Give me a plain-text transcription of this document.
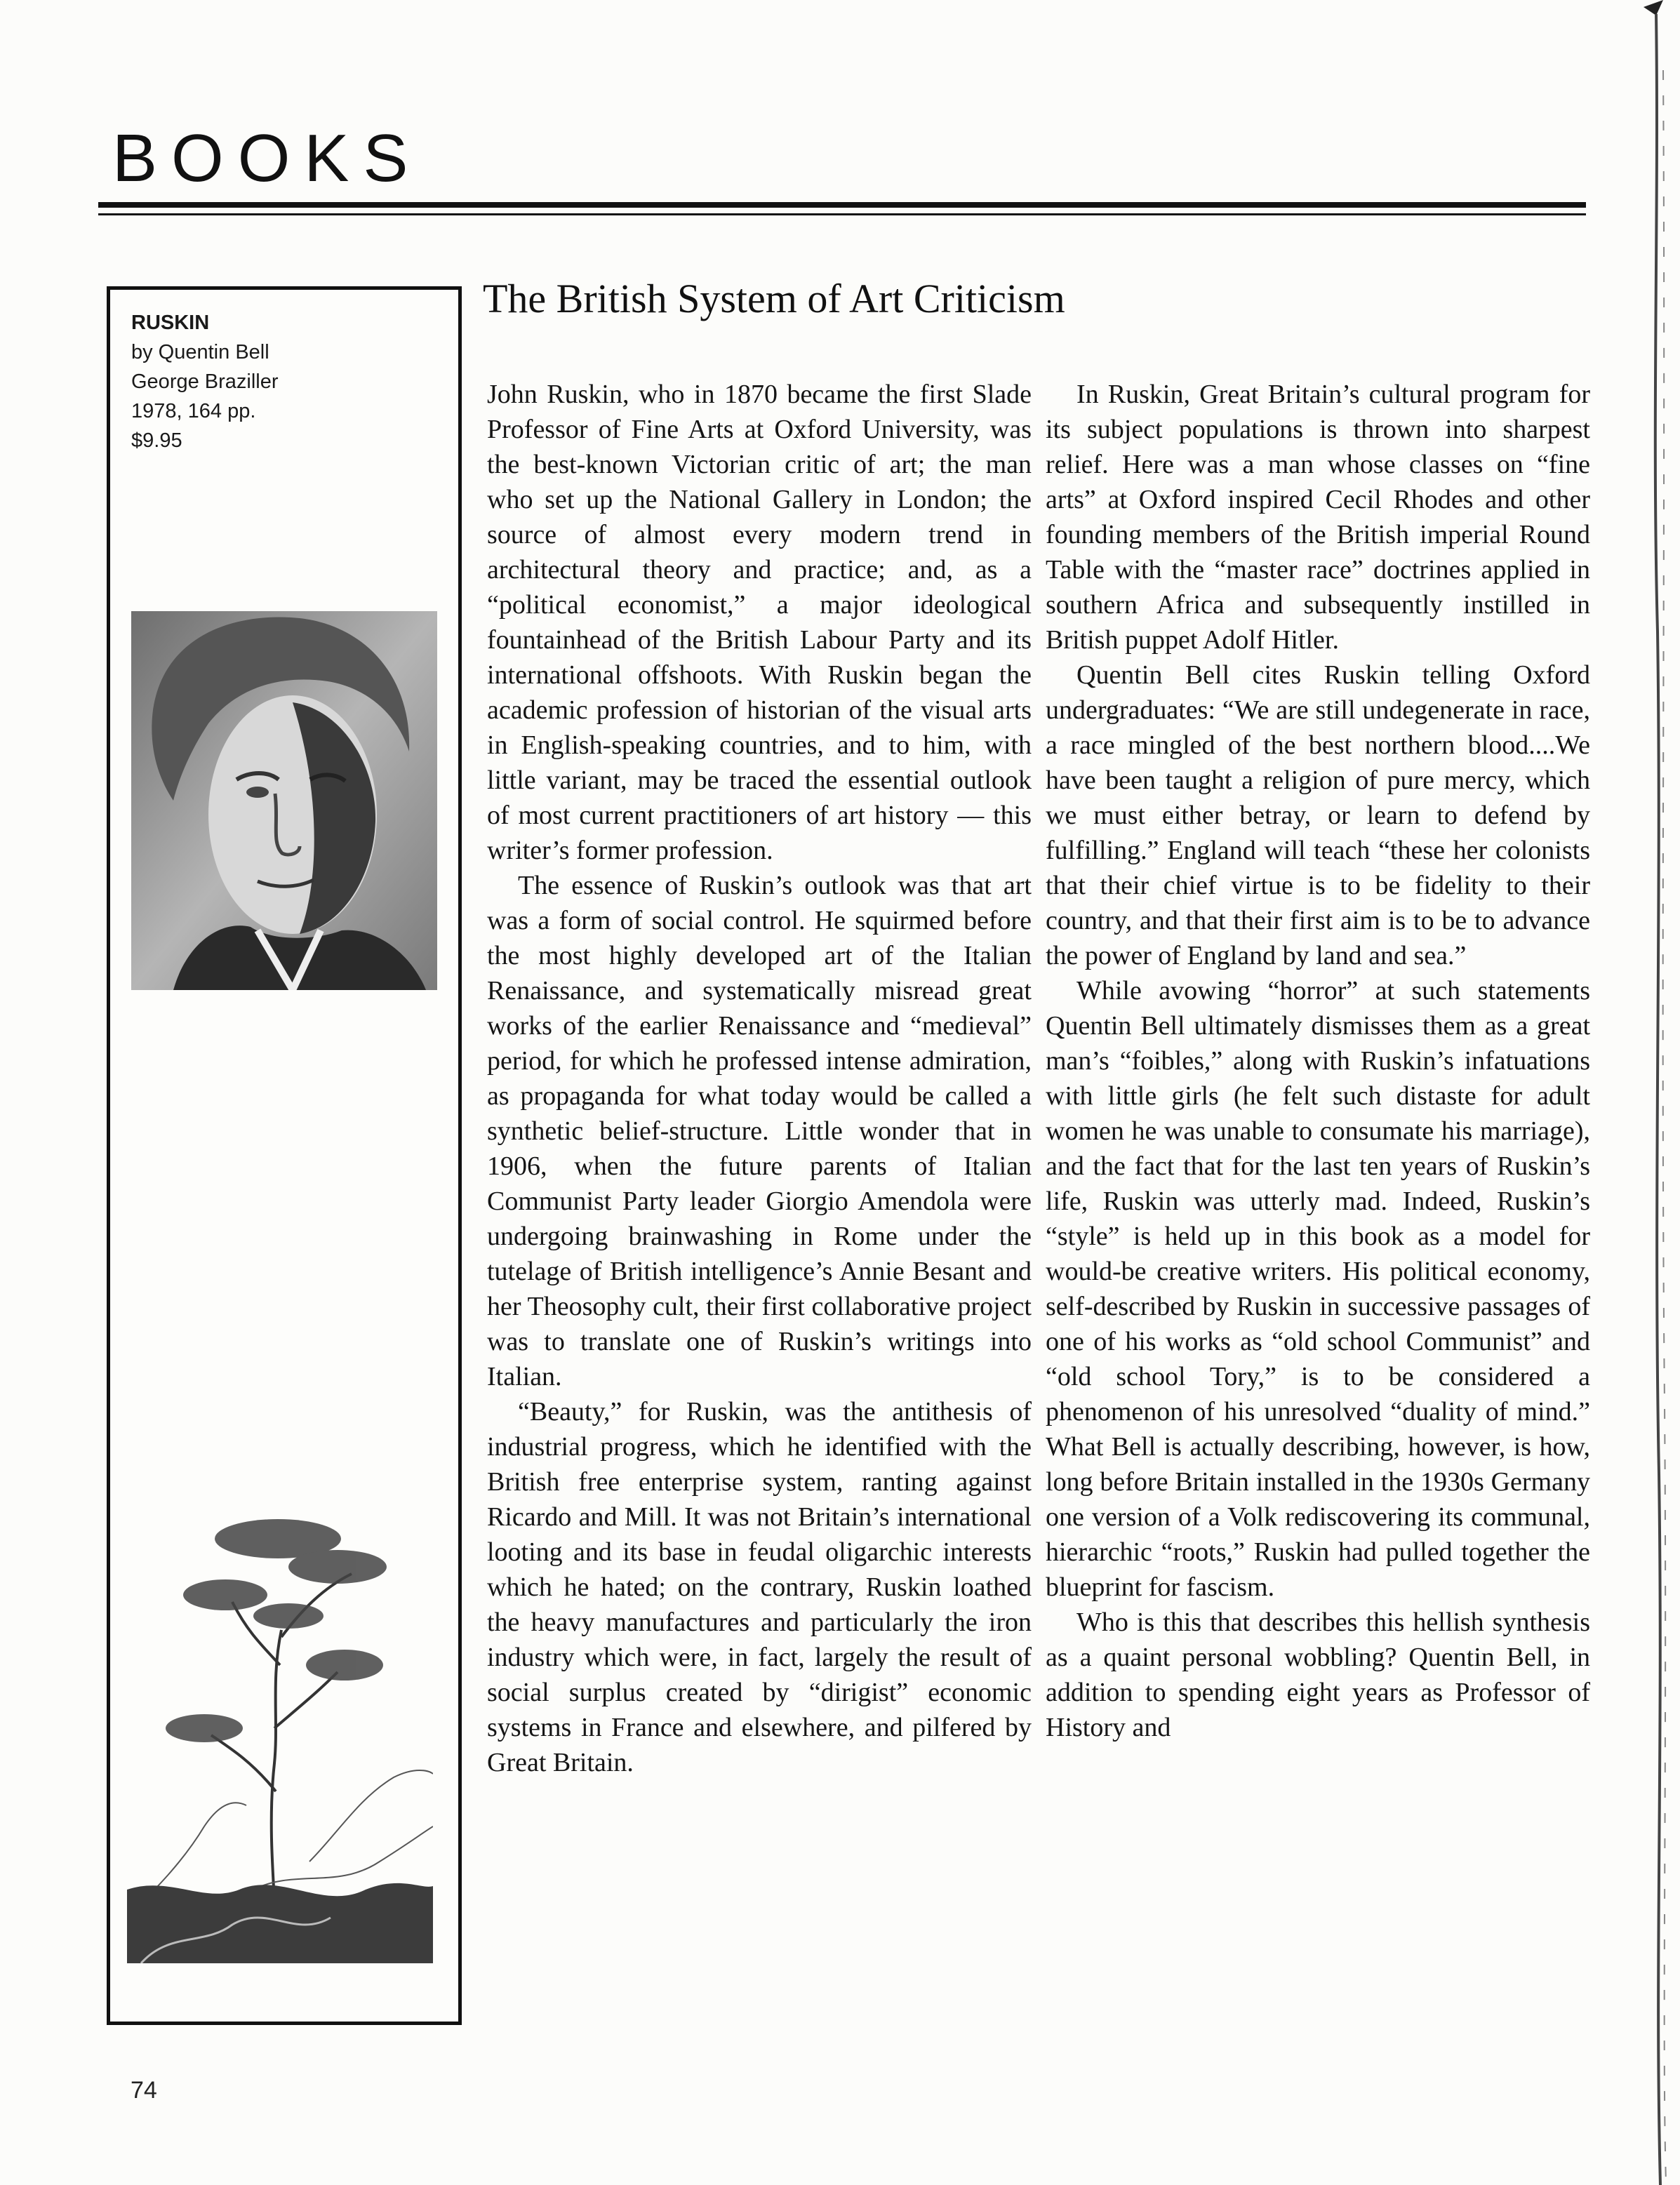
BOOKS
RUSKIN
by Quentin Bell
George Braziller
1978, 164 pp.
$9.95
The British System of Art Criticism

John Ruskin, who in 1870 became the first Slade Professor of Fine Arts at Oxford University, was the best-known Victorian critic of art; the man who set up the National Gallery in London; the source of almost every modern trend in architectural theory and practice; and, as a “political economist,” a major ideological fountainhead of the British Labour Party and its international offshoots. With Ruskin began the academic profession of historian of the visual arts in English-speaking countries, and to him, with little variant, may be traced the essential outlook of most current practitioners of art history — this writer’s former profession.

The essence of Ruskin’s outlook was that art was a form of social control. He squirmed before the most highly developed art of the Italian Renaissance, and systematically misread great works of the earlier Renaissance and “medieval” period, for which he professed intense admiration, as propaganda for what today would be called a synthetic belief-structure. Little wonder that in 1906, when the future parents of Italian Communist Party leader Giorgio Amendola were undergoing brainwashing in Rome under the tutelage of British intelligence’s Annie Besant and her Theosophy cult, their first collaborative project was to translate one of Ruskin’s writings into Italian.

“Beauty,” for Ruskin, was the antithesis of industrial progress, which he identified with the British free enterprise system, ranting against Ricardo and Mill. It was not Britain’s international looting and its base in feudal oligarchic interests which he hated; on the contrary, Ruskin loathed the heavy manufactures and particularly the iron industry which were, in fact, largely the result of social surplus created by “dirigist” economic systems in France and elsewhere, and pilfered by Great Britain.

In Ruskin, Great Britain’s cultural program for its subject populations is thrown into sharpest relief. Here was a man whose classes on “fine arts” at Oxford inspired Cecil Rhodes and other founding members of the British imperial Round Table with the “master race” doctrines applied in southern Africa and subsequently instilled in British puppet Adolf Hitler.

Quentin Bell cites Ruskin telling Oxford undergraduates: “We are still undegenerate in race, a race mingled of the best northern blood....We have been taught a religion of pure mercy, which we must either betray, or learn to defend by fulfilling.” England will teach “these her colonists that their chief virtue is to be fidelity to their country, and that their first aim is to be to advance the power of England by land and sea.”

While avowing “horror” at such statements Quentin Bell ultimately dismisses them as a great man’s “foibles,” along with Ruskin’s infatuations with little girls (he felt such distaste for adult women he was unable to consumate his marriage), and the fact that for the last ten years of Ruskin’s life, Ruskin was utterly mad. Indeed, Ruskin’s “style” is held up in this book as a model for would-be creative writers. His political economy, self-described by Ruskin in successive passages of one of his works as “old school Communist” and “old school Tory,” is to be considered a phenomenon of his unresolved “duality of mind.” What Bell is actually describing, however, is how, long before Britain installed in the 1930s Germany one version of a Volk rediscovering its communal, hierarchic “roots,” Ruskin had pulled together the blueprint for fascism.

Who is this that describes this hellish synthesis as a quaint personal wobbling? Quentin Bell, in addition to spending eight years as Professor of History and

74
